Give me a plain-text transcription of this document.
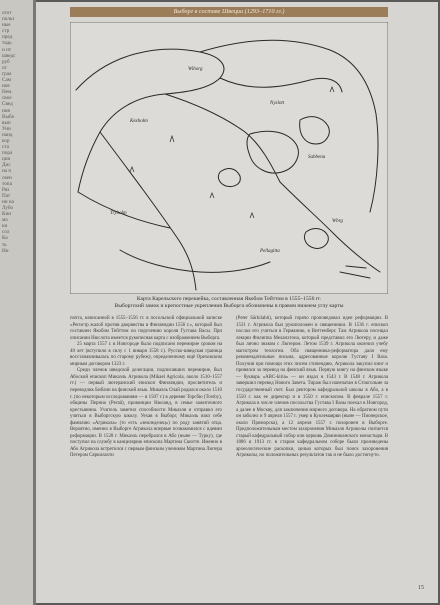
огот
польз
ные
стр
пред
тадь
и нт
шведс
руб
от
граа
Сам
ние
Нем.
свое
Свед
ния
Выбо
вып
Уни
нанд
кор
ста
пора
ции
Дис
на п
свен
топа
Ряз
Пат
ни на
Лубо
Кии
мо
ки
сол
Ка
ть
Ни
Выборг в составе Швеции (1293–1710 гг.)
Wiborg
Kexholm
Nyslott
Sabbena
Tryholm
Pellagitta
Wbrg
Карта Карельского перешейка, составленная Якобом Тейттом в 1555–1556 гг.
Выборгский замок и крепостные укрепления Выборга обозначены в правом нижнем углу карты

почта, написанной в 1555–1556 гг. в посольской официальной записке «Регистр жалоб против дворянства в Финляндии 1556 г.», который был составлен Якобом Тейттом по поручению короля Густава Васы. При описании Нюслота имеется рукописная карта с изображением Выборга.

25 марта 1557 г. в Новгороде было подписано перемирие сроком на 40 лет (вступило в силу с 1 января 1558 г.). Русско-шведская граница восстанавливалась по старому рубежу, определенному ещё Ореховским мирным договором 1323 г.

Среди членов шведской делегации, подписавших перемирие, был Абоский епископ Микаэль Агрикола (Mikael Agricola, около 1510–1557 гг.) — первый лютеранский епископ Финляндии, просветитель и переводчик Библии на финский язык. Микаэль Олай родился около 1510 г. (по некоторым исследованиям — в 1507 г.) в деревне Торсбю (Torsby), общины Пернио (Pernå), провинции Нюланд, в семье зажиточного крестьянина. Учитель заметил способности Микаэля и отправил его учиться в Выборгскую школу. Уехав в Выборг, Микаэль взял себе фамилию «Агрикола» (то есть «земледелец») по роду занятий отца. Вероятно, именно в Выборге Агрикола впервые познакомился с идеями реформации. В 1528 г. Микаэль перебрался в Або (ныне — Турку), где поступил на службу в канцелярию епископа Мартина Скютте. Именно в Або Агрикола встретился с первым финским учеником Мартина Лютера Петером Сяркилахти

(Peter Särkilahti), который горячо проповедовал идеи реформации. В 1531 г. Агрикола был рукоположен в священники. В 1536 г. епископ послал его учиться в Германию, в Виттенберг. Там Агрикола посещал лекции Филиппа Меланхтона, который представил его Лютеру, и даже был лично знаком с Лютером. Летом 1539 г. Агрикола окончил учебу магистром теологии. Оба священника-реформатора дали ему рекомендательные письма, адресованные королю Густаву I Ваза. Получив при помощи этих писем стипендию, Агрикола закупил книг и принялся за перевод на финский язык. Первую книгу на финском языке — букварь «ABC-kiria» — он издал в 1543 г. В 1548 г. Агрикола завершил перевод Нового Завета. Тираж был напечатан в Стокгольме за государственный счет. Был ректором кафедральной школы в Або, а в 1550 г. как ее директор и в 1550 г. епископом. В феврале 1557 г. Агрикола в числе членов посольства Густава I Вазы поехал в Новгород, а далее в Москву, для заключения мирного договора. На обратном пути он заболел и 9 апреля 1557 г. умер в Куолемаярви (ныне — Пионерское, около Приморска), а 12 апреля 1557 г. похоронен в Выборге. Предположительным местом захоронения Микаэля Агриколы считается старый кафедральный собор или церковь Доминиканского монастыря. В 1886 и 1913 гг. в старом кафедральном соборе были произведены археологические раскопки, целью которых был поиск захоронения Агриколы, но положительных результатов так и не было достигнуто.

15
